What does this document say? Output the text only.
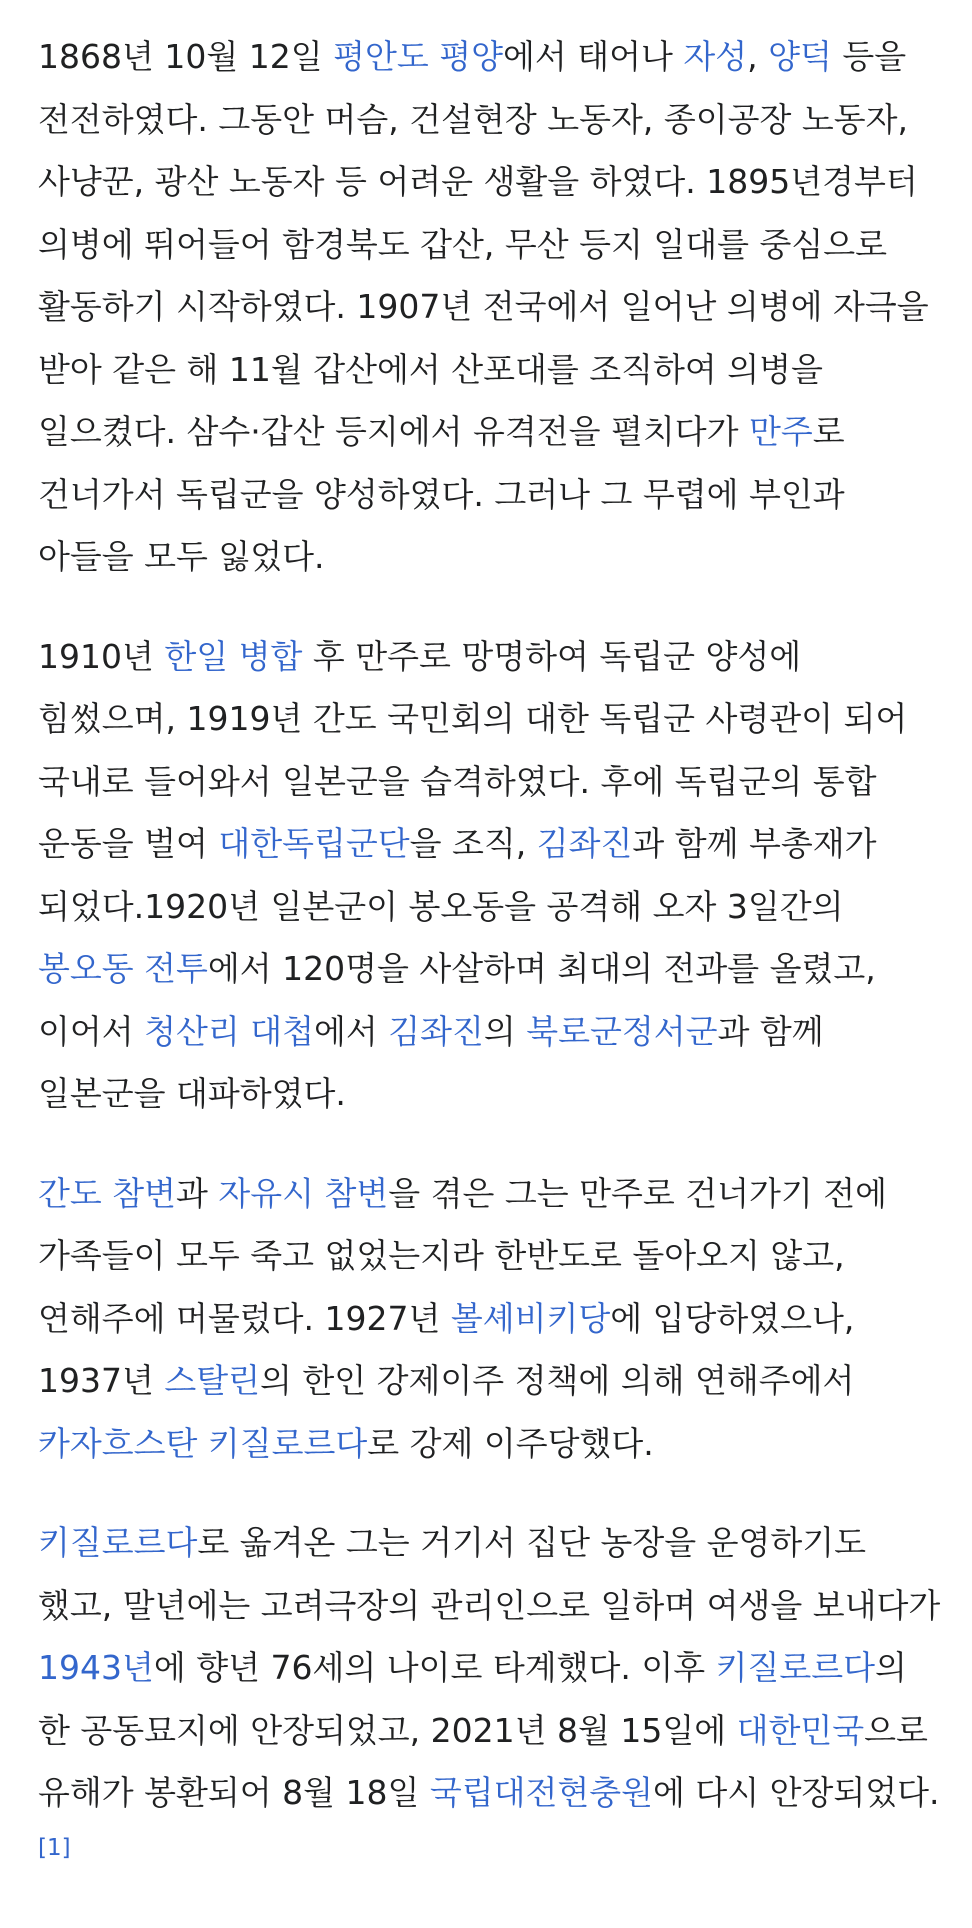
1868년 10월 12일 평안도 평양에서 태어나 자성, 양덕 등을 전전하였다. 그동안 머슴, 건설현장 노동자, 종이공장 노동자, 사냥꾼, 광산 노동자 등 어려운 생활을 하였다. 1895년경부터 의병에 뛰어들어 함경북도 갑산, 무산 등지 일대를 중심으로 활동하기 시작하였다. 1907년 전국에서 일어난 의병에 자극을 받아 같은 해 11월 갑산에서 산포대를 조직하여 의병을 일으켰다. 삼수·갑산 등지에서 유격전을 펼치다가 만주로 건너가서 독립군을 양성하였다. 그러나 그 무렵에 부인과 아들을 모두 잃었다.

1910년 한일 병합 후 만주로 망명하여 독립군 양성에 힘썼으며, 1919년 간도 국민회의 대한 독립군 사령관이 되어 국내로 들어와서 일본군을 습격하였다. 후에 독립군의 통합 운동을 벌여 대한독립군단을 조직, 김좌진과 함께 부총재가 되었다.1920년 일본군이 봉오동을 공격해 오자 3일간의 봉오동 전투에서 120명을 사살하며 최대의 전과를 올렸고, 이어서 청산리 대첩에서 김좌진의 북로군정서군과 함께 일본군을 대파하였다.

간도 참변과 자유시 참변을 겪은 그는 만주로 건너가기 전에 가족들이 모두 죽고 없었는지라 한반도로 돌아오지 않고, 연해주에 머물렀다. 1927년 볼셰비키당에 입당하였으나, 1937년 스탈린의 한인 강제이주 정책에 의해 연해주에서 카자흐스탄 키질로르다로 강제 이주당했다.

키질로르다로 옮겨온 그는 거기서 집단 농장을 운영하기도 했고, 말년에는 고려극장의 관리인으로 일하며 여생을 보내다가 1943년에 향년 76세의 나이로 타계했다. 이후 키질로르다의 한 공동묘지에 안장되었고, 2021년 8월 15일에 대한민국으로 유해가 봉환되어 8월 18일 국립대전현충원에 다시 안장되었다.[1]
